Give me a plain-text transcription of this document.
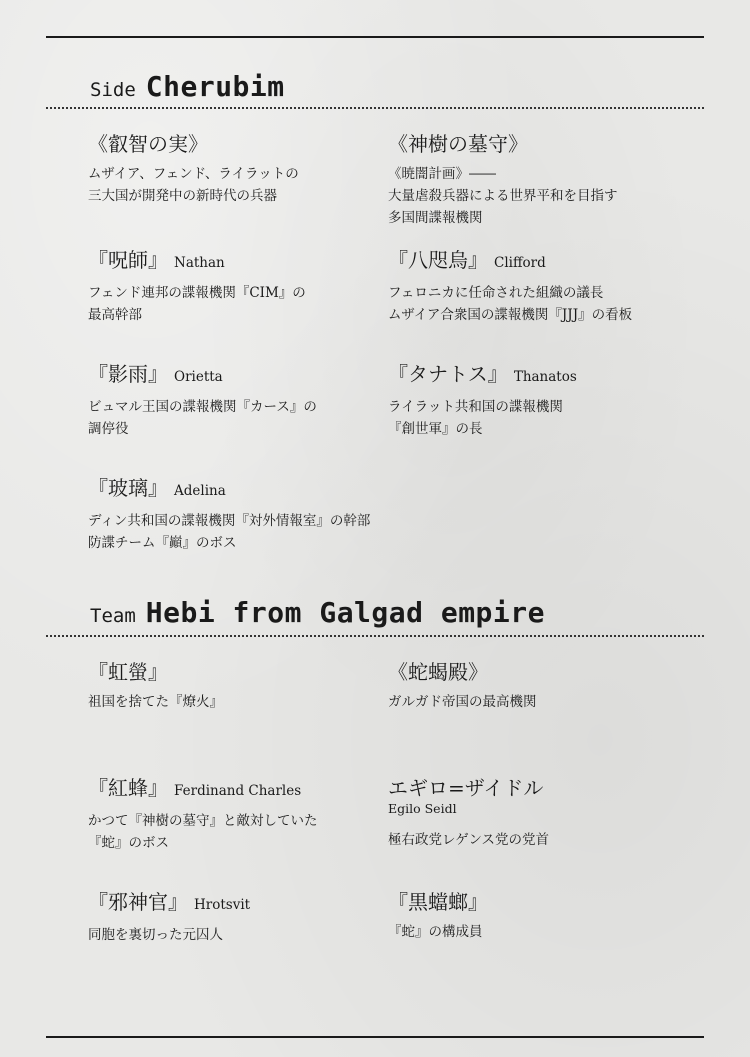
Side Cherubim
《叡智の実》
ムザイア、フェンド、ライラットの
三大国が開発中の新時代の兵器
《神樹の墓守》
《暁闇計画》――
大量虐殺兵器による世界平和を目指す
多国間諜報機関
『呪師』 Nathan
フェンド連邦の諜報機関『CIM』の
最高幹部
『八咫烏』 Clifford
フェロニカに任命された組織の議長
ムザイア合衆国の諜報機関『JJJ』の看板
『影雨』 Orietta
ビュマル王国の諜報機関『カース』の
調停役
『タナトス』 Thanatos
ライラット共和国の諜報機関
『創世軍』の長
『玻璃』 Adelina
ディン共和国の諜報機関『対外情報室』の幹部
防諜チーム『巓』のボス
Team Hebi from Galgad empire
『虹螢』
祖国を捨てた『燎火』
《蛇蝎殿》
ガルガド帝国の最高機関
『紅蜂』 Ferdinand Charles
かつて『神樹の墓守』と敵対していた
『蛇』のボス
エギロ=ザイドル
Egilo Seidl
極右政党レゲンス党の党首
『邪神官』 Hrotsvit
同胞を裏切った元囚人
『黒蟷螂』
『蛇』の構成員
